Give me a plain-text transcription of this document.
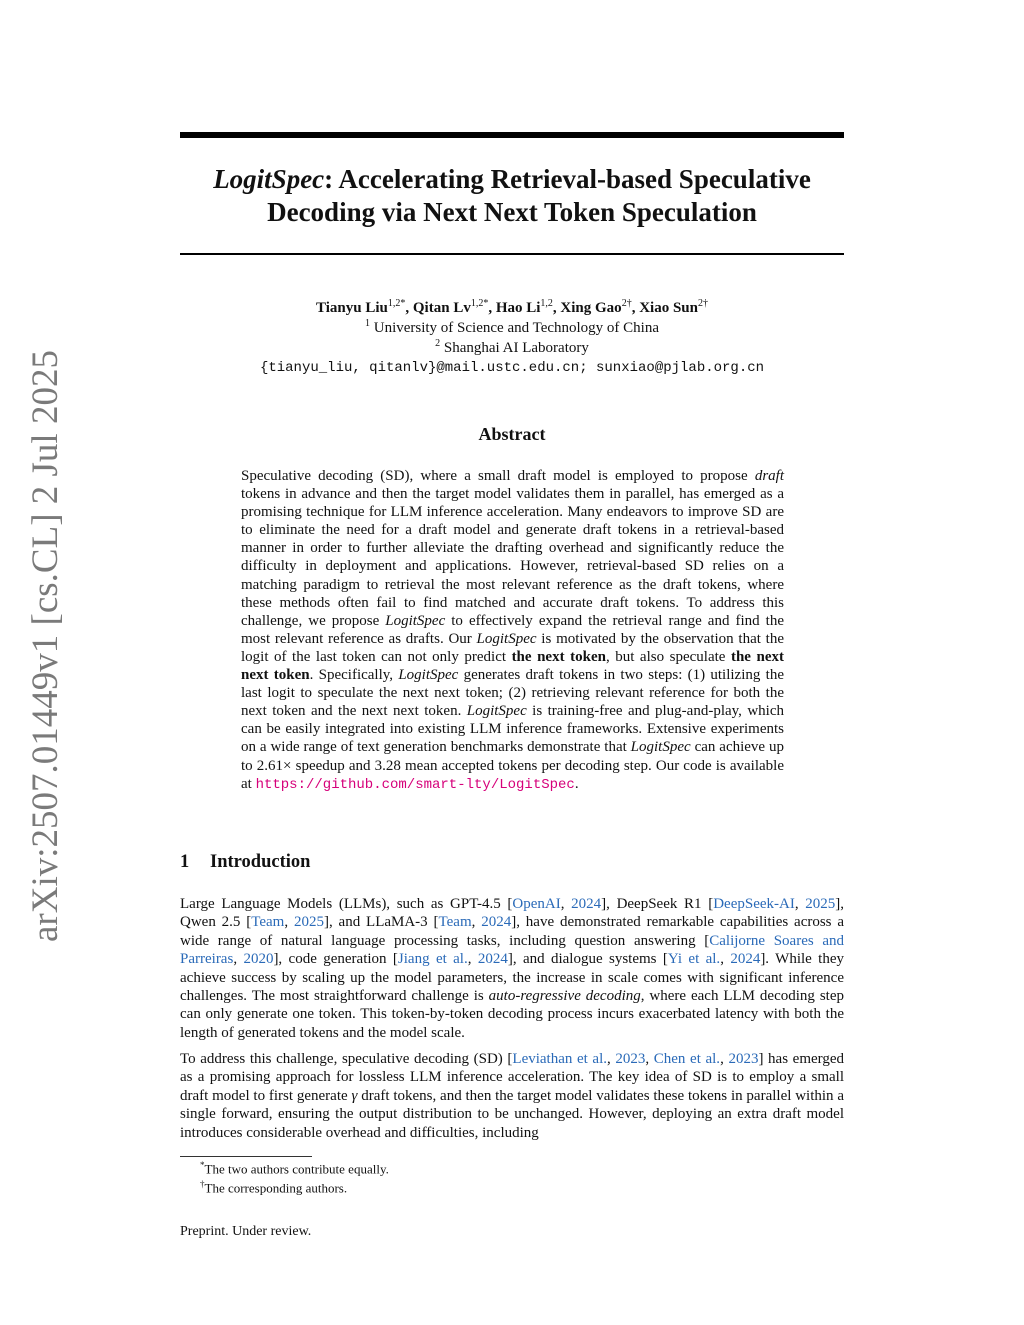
arXiv:2507.01449v1 [cs.CL] 2 Jul 2025
LogitSpec: Accelerating Retrieval-based Speculative
Decoding via Next Next Token Speculation
Tianyu Liu$^{1,2*}$, Qitan $Lv^{1,2*}$, Hao Li$^{1,2}$, Xing Gao$^{2\dagger}$, Xiao Sun$^{2\dagger}$
$^1$ University of Science and Technology of China
$^2$ Shanghai AI Laboratory
{tianyu_liu, qitanlv}@mail.ustc.edu.cn; sunxiao@pjlab.org.cn
Abstract
Speculative decoding (SD), where a small draft model is employed to propose draft tokens in advance and then the target model validates them in parallel, has emerged as a promising technique for LLM inference acceleration. Many endeavors to improve SD are to eliminate the need for a draft model and generate draft tokens in a retrieval-based manner in order to further alleviate the drafting overhead and significantly reduce the difficulty in deployment and applications. However, retrieval-based SD relies on a matching paradigm to retrieval the most relevant reference as the draft tokens, where these methods often fail to find matched and accurate draft tokens. To address this challenge, we propose LogitSpec to effectively expand the retrieval range and find the most relevant reference as drafts. Our LogitSpec is motivated by the observation that the logit of the last token can not only predict the next token, but also speculate the next next token. Specifically, LogitSpec generates draft tokens in two steps: (1) utilizing the last logit to speculate the next next token; (2) retrieving relevant reference for both the next token and the next next token. LogitSpec is training-free and plug-and-play, which can be easily integrated into existing LLM inference frameworks. Extensive experiments on a wide range of text generation benchmarks demonstrate that LogitSpec can achieve up to 2.61× speedup and 3.28 mean accepted tokens per decoding step. Our code is available at https://github.com/smart-lty/LogitSpec.
1 Introduction

Large Language Models (LLMs), such as GPT-4.5 [OpenAI, 2024], DeepSeek R1 [DeepSeek-AI, 2025], Qwen 2.5 [Team, 2025], and LLaMA-3 [Team, 2024], have demonstrated remarkable capabilities across a wide range of natural language processing tasks, including question answering [Calijorne Soares and Parreiras, 2020], code generation [Jiang et al., 2024], and dialogue systems [Yi et al., 2024]. While they achieve success by scaling up the model parameters, the increase in scale comes with significant inference challenges. The most straightforward challenge is auto-regressive decoding, where each LLM decoding step can only generate one token. This token-by-token decoding process incurs exacerbated latency with both the length of generated tokens and the model scale.

To address this challenge, speculative decoding (SD) [Leviathan et al., 2023, Chen et al., 2023] has emerged as a promising approach for lossless LLM inference acceleration. The key idea of SD is to employ a small draft model to first generate γ draft tokens, and then the target model validates these tokens in parallel within a single forward, ensuring the output distribution to be unchanged. However, deploying an extra draft model introduces considerable overhead and difficulties, including

*The two authors contribute equally.
†The corresponding authors.
Preprint. Under review.
